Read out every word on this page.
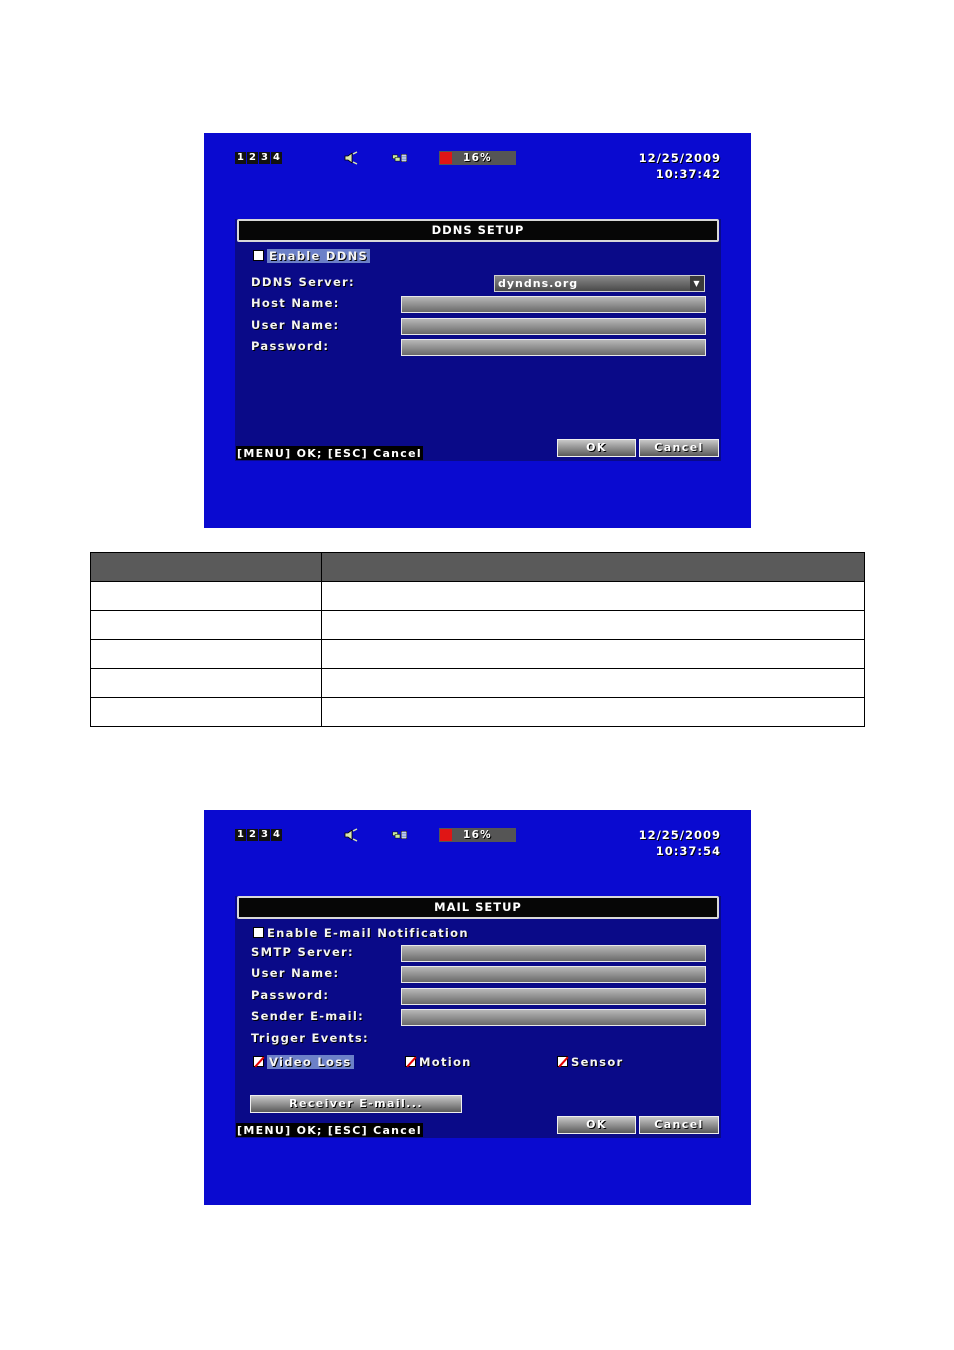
1 2 3 4	16%	12/25/2009
10:37:42
DDNS SETUP
Enable DDNS
DDNS Server:	dyndns.org	▼
Host Name:
User Name:
Password:
[MENU] OK; [ESC] Cancel	OK	Cancel

1 2 3 4	16%	12/25/2009
10:37:54
MAIL SETUP
Enable E-mail Notification
SMTP Server:
User Name:
Password:
Sender E-mail:
Trigger Events:
Video Loss	Motion	Sensor
Receiver E-mail...
[MENU] OK; [ESC] Cancel	OK	Cancel
